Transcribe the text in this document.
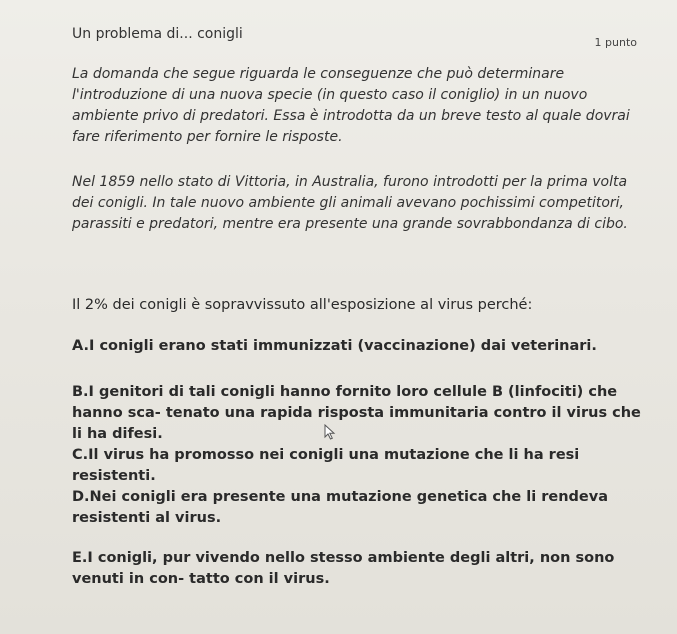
Un problema di... conigli
1 punto

La domanda che segue riguarda le conseguenze che può determinare l'introduzione di una nuova specie (in questo caso il coniglio) in un nuovo ambiente privo di predatori. Essa è introdotta da un breve testo al quale dovrai fare riferimento per fornire le risposte.

Nel 1859 nello stato di Vittoria, in Australia, furono introdotti per la prima volta dei conigli. In tale nuovo ambiente gli animali avevano pochissimi competitori, parassiti e predatori, mentre era presente una grande sovrabbondanza di cibo.

Il 2% dei conigli è sopravvissuto all'esposizione al virus perché:

A.I conigli erano stati immunizzati (vaccinazione) dai veterinari.

B.I genitori di tali conigli hanno fornito loro cellule B (linfociti) che hanno sca- tenato una rapida risposta immunitaria contro il virus che li ha difesi.

C.Il virus ha promosso nei conigli una mutazione che li ha resi resistenti.

D.Nei conigli era presente una mutazione genetica che li rendeva resistenti al virus.

E.I conigli, pur vivendo nello stesso ambiente degli altri, non sono venuti in con- tatto con il virus.
